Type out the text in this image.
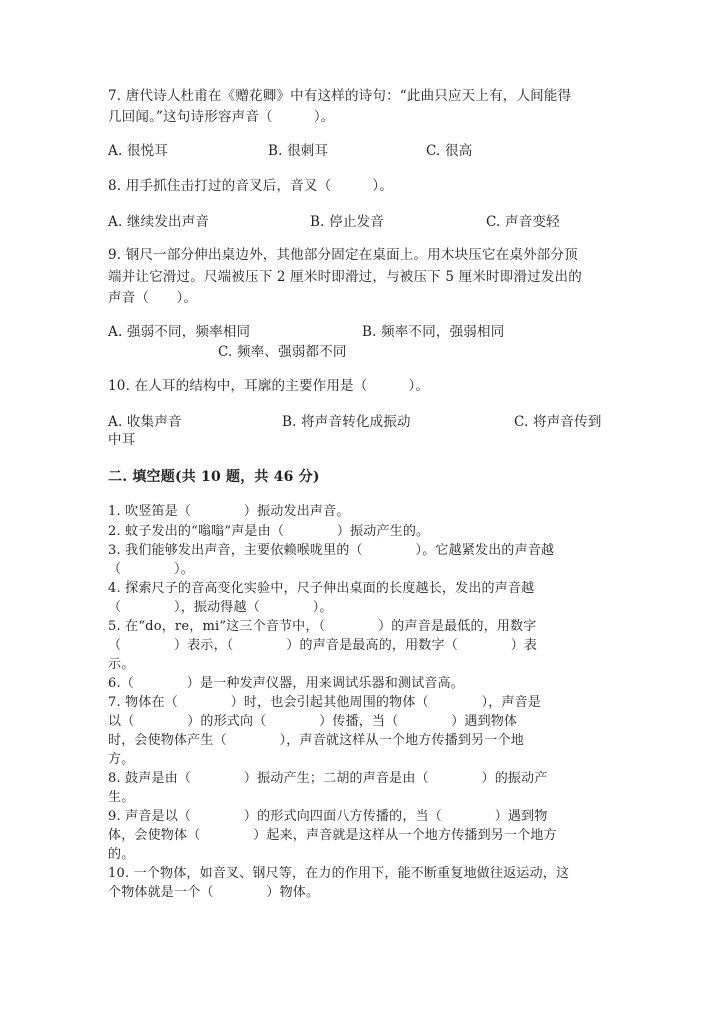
7. 唐代诗人杜甫在《赠花卿》中有这样的诗句：“此曲只应天上有，人间能得
几回闻。”这句诗形容声音（　　　）。
A. 很悦耳	B. 很刺耳	C. 很高
8. 用手抓住击打过的音叉后，音叉（　　　）。
A. 继续发出声音	B. 停止发音	C. 声音变轻
9. 钢尺一部分伸出桌边外，其他部分固定在桌面上。用木块压它在桌外部分顶
端并让它滑过。尺端被压下 2 厘米时即滑过，与被压下 5 厘米时即滑过发出的
声音（　　）。
A. 强弱不同，频率相同	B. 频率不同，强弱相同
C. 频率、强弱都不同
10. 在人耳的结构中，耳廓的主要作用是（　　　）。
A. 收集声音	B. 将声音转化成振动	C. 将声音传到
中耳
二. 填空题(共 10 题，共 46 分)
1. 吹竖笛是（　　　　）振动发出声音。
2. 蚊子发出的“嗡嗡”声是由（　　　　）振动产生的。
3. 我们能够发出声音，主要依赖喉咙里的（　　　　）。它越紧发出的声音越
（　　　　）。
4. 探索尺子的音高变化实验中，尺子伸出桌面的长度越长，发出的声音越
（　　　　），振动得越（　　　　）。
5. 在“do，re，mi”这三个音节中，（　　　　）的声音是最低的，用数字
（　　　　）表示，（　　　　）的声音是最高的，用数字（　　　　）表
示。
6.（　　　　）是一种发声仪器，用来调试乐器和测试音高。
7. 物体在（　　　　）时，也会引起其他周围的物体（　　　　），声音是
以（　　　　）的形式向（　　　　）传播，当（　　　　）遇到物体
时，会使物体产生（　　　　），声音就这样从一个地方传播到另一个地
方。
8. 鼓声是由（　　　　）振动产生；二胡的声音是由（　　　　）的振动产
生。
9. 声音是以（　　　　）的形式向四面八方传播的，当（　　　　）遇到物
体，会使物体（　　　　）起来，声音就是这样从一个地方传播到另一个地方
的。
10. 一个物体，如音叉、钢尺等，在力的作用下，能不断重复地做往返运动，这
个物体就是一个（　　　　）物体。
